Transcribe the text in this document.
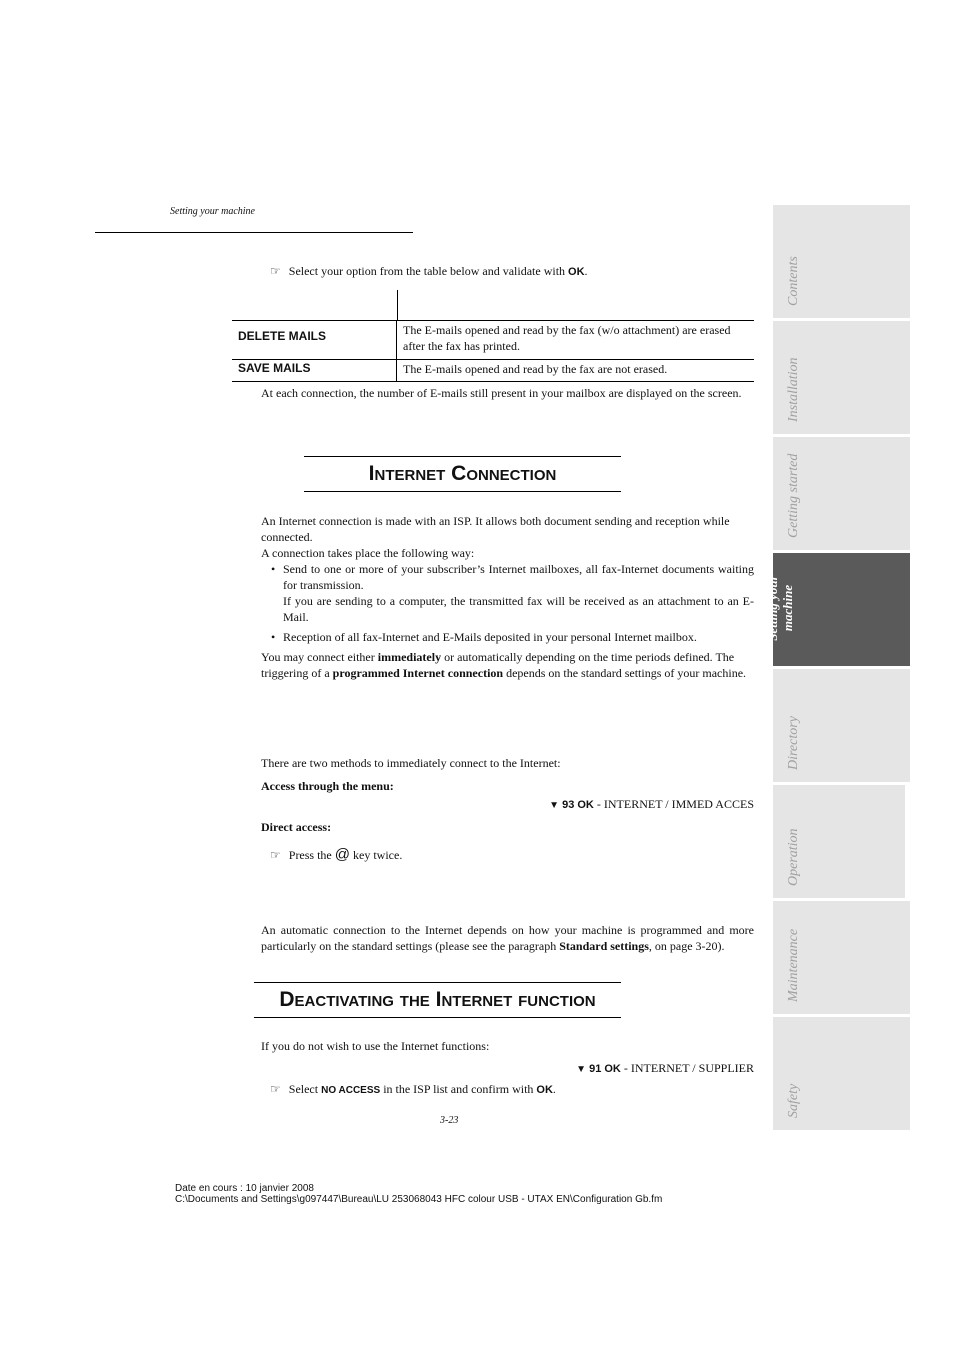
Setting your machine
☞ Select your option from the table below and validate with OK.
DELETE MAILS	The E-mails opened and read by the fax (w/o attachment) are erased after the fax has printed.
SAVE MAILS	The E-mails opened and read by the fax are not erased.
At each connection, the number of E-mails still present in your mailbox are displayed on the screen.
Internet Connection
An Internet connection is made with an ISP. It allows both document sending and reception while connected.
A connection takes place the following way:
• Send to one or more of your subscriber’s Internet mailboxes, all fax-Internet documents waiting for transmission.
If you are sending to a computer, the transmitted fax will be received as an attachment to an E-Mail.
• Reception of all fax-Internet and E-Mails deposited in your personal Internet mailbox.
You may connect either immediately or automatically depending on the time periods defined. The triggering of a programmed Internet connection depends on the standard settings of your machine.
There are two methods to immediately connect to the Internet:
Access through the menu:
▼ 93 OK - INTERNET / IMMED ACCES
Direct access:
☞ Press the @ key twice.
An automatic connection to the Internet depends on how your machine is programmed and more particularly on the standard settings (please see the paragraph Standard settings, on page 3-20).
Deactivating the Internet function
If you do not wish to use the Internet functions:
▼ 91 OK - INTERNET / SUPPLIER
☞ Select NO ACCESS in the ISP list and confirm with OK.
3-23
Contents
Installation
Getting started
Setting your machine
Directory
Operation
Maintenance
Safety
Date en cours : 10 janvier 2008
C:\Documents and Settings\g097447\Bureau\LU 253068043 HFC colour USB - UTAX EN\Configuration Gb.fm
